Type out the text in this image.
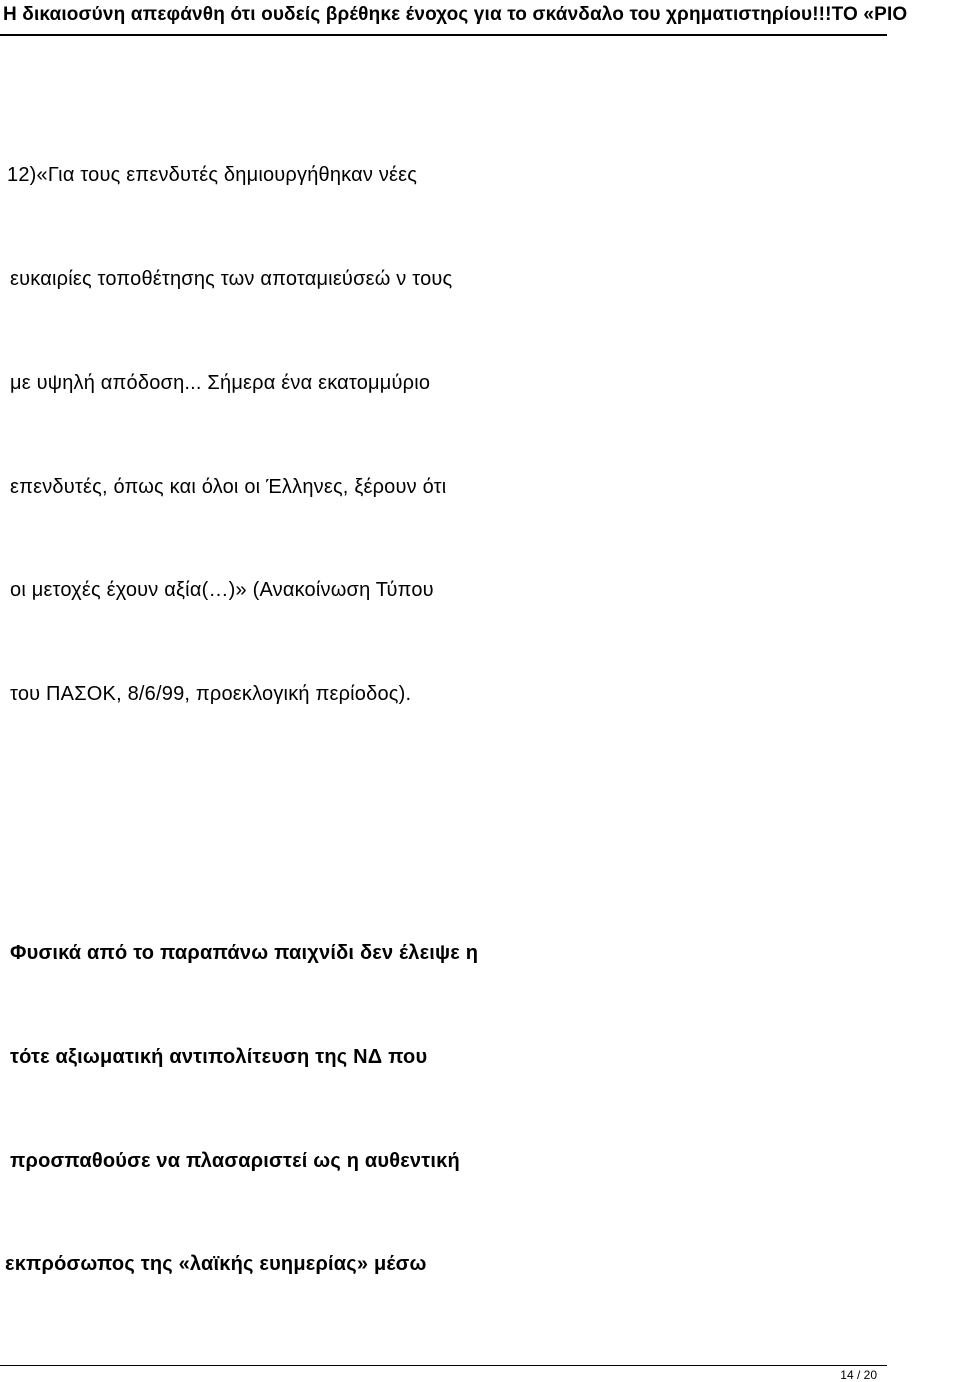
Η δικαιοσύνη απεφάνθη ότι ουδείς βρέθηκε ένοχος για το σκάνδαλο του χρηματιστηρίου!!!ΤΟ «ΡΙΟ
12)«Για τους επενδυτές δημιουργήθηκαν νέες
ευκαιρίες τοποθέτησης των αποταμιεύσεώ ν τους
με υψηλή απόδοση... Σήμερα ένα εκατομμύριο
επενδυτές, όπως και όλοι οι Έλληνες, ξέρουν ότι
οι μετοχές έχουν αξία(…)» (Ανακοίνωση Τύπου
του ΠΑΣΟΚ, 8/6/99, προεκλογική περίοδος).
Φυσικά από το παραπάνω παιχνίδι δεν έλειψε η
τότε αξιωματική αντιπολίτευση της ΝΔ που
προσπαθούσε να πλασαριστεί ως η αυθεντική
εκπρόσωπος της «λαϊκής ευημερίας» μέσω
14 / 20
